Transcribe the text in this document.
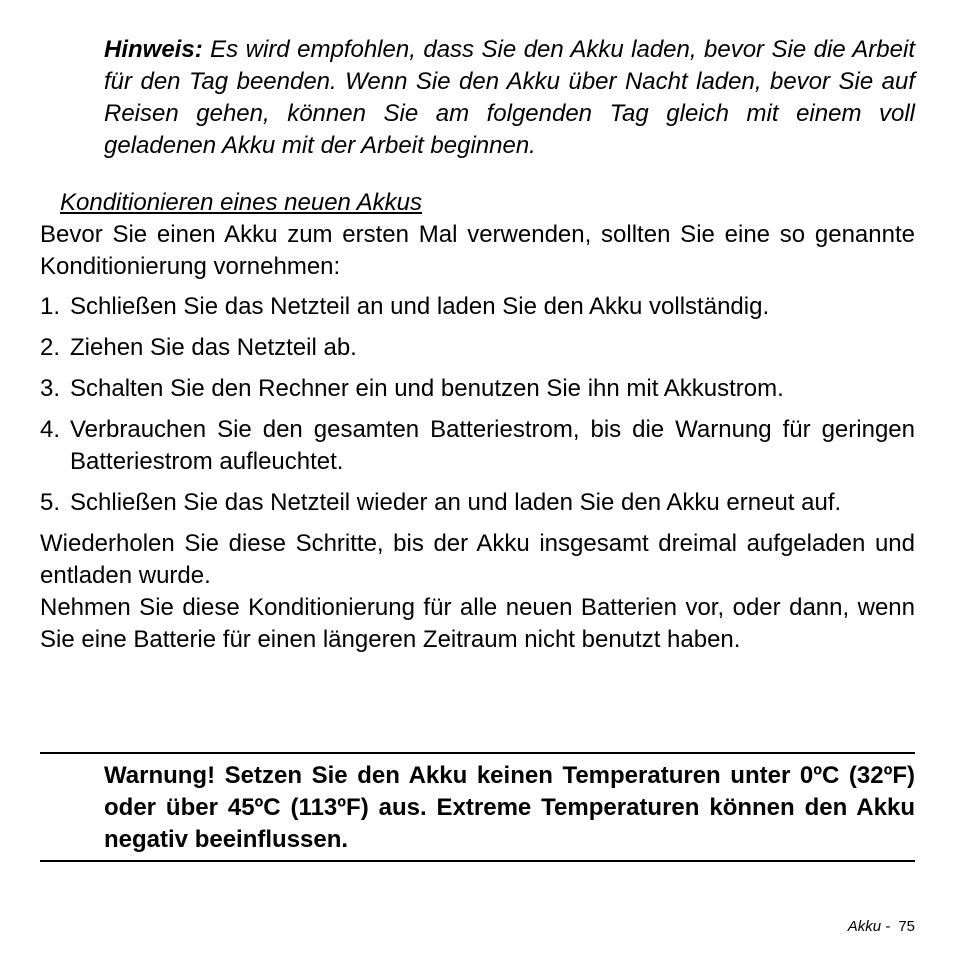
Hinweis: Es wird empfohlen, dass Sie den Akku laden, bevor Sie die Arbeit für den Tag beenden. Wenn Sie den Akku über Nacht laden, bevor Sie auf Reisen gehen, können Sie am folgenden Tag gleich mit einem voll geladenen Akku mit der Arbeit beginnen.
Konditionieren eines neuen Akkus

Bevor Sie einen Akku zum ersten Mal verwenden, sollten Sie eine so genannte Konditionierung vornehmen:

1. Schließen Sie das Netzteil an und laden Sie den Akku vollständig.
2. Ziehen Sie das Netzteil ab.
3. Schalten Sie den Rechner ein und benutzen Sie ihn mit Akkustrom.
4. Verbrauchen Sie den gesamten Batteriestrom, bis die Warnung für geringen Batteriestrom aufleuchtet.
5. Schließen Sie das Netzteil wieder an und laden Sie den Akku erneut auf.

Wiederholen Sie diese Schritte, bis der Akku insgesamt dreimal aufgeladen und entladen wurde.

Nehmen Sie diese Konditionierung für alle neuen Batterien vor, oder dann, wenn Sie eine Batterie für einen längeren Zeitraum nicht benutzt haben.

Warnung! Setzen Sie den Akku keinen Temperaturen unter 0ºC (32ºF) oder über 45ºC (113ºF) aus. Extreme Temperaturen können den Akku negativ beeinflussen.
Akku - 75
